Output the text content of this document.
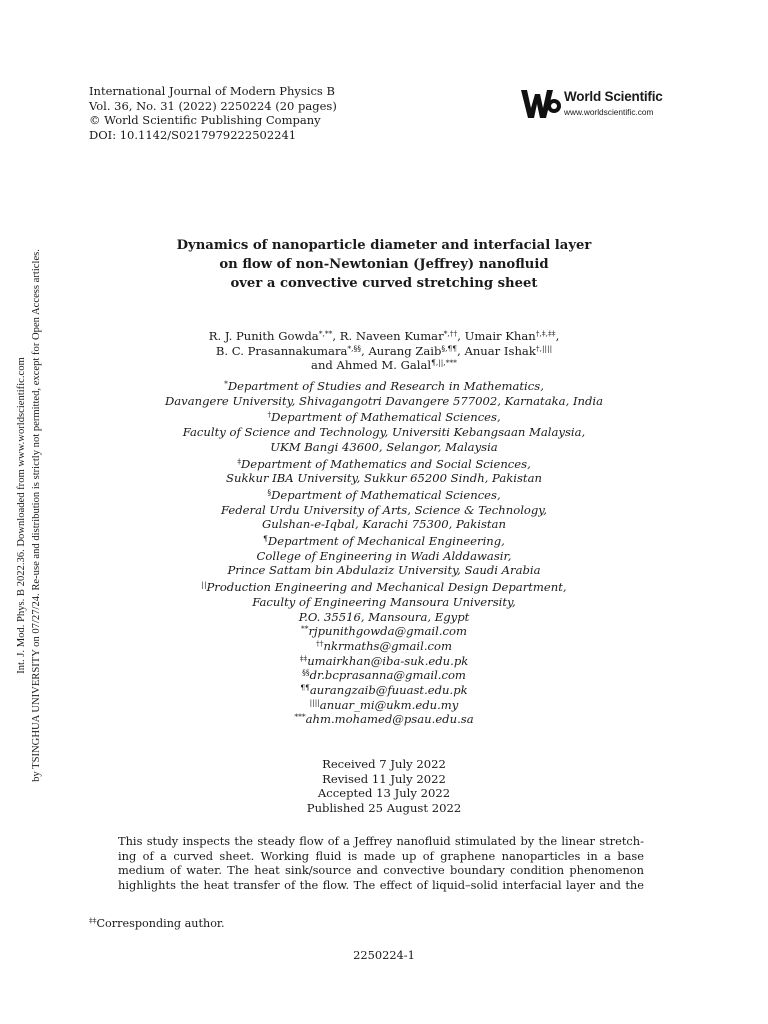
International Journal of Modern Physics B
Vol. 36, No. 31 (2022) 2250224 (20 pages)
© World Scientific Publishing Company
DOI: 10.1142/S0217979222502241
World Scientific
www.worldscientific.com
Int. J. Mod. Phys. B 2022.36. Downloaded from www.worldscientific.com by TSINGHUA UNIVERSITY on 07/27/24. Re-use and distribution is strictly not permitted, except for Open Access articles.
Dynamics of nanoparticle diameter and interfacial layer
on flow of non-Newtonian (Jeffrey) nanofluid
over a convective curved stretching sheet
R. J. Punith Gowda*,**, R. Naveen Kumar*,††, Umair Khan†,‡,‡‡,
B. C. Prasannakumara*,§§, Aurang Zaib§,¶¶, Anuar Ishak†,||||
and Ahmed M. Galal¶,||,***
*Department of Studies and Research in Mathematics,
Davangere University, Shivagangotri Davangere 577002, Karnataka, India
†Department of Mathematical Sciences,
Faculty of Science and Technology, Universiti Kebangsaan Malaysia,
UKM Bangi 43600, Selangor, Malaysia
‡Department of Mathematics and Social Sciences,
Sukkur IBA University, Sukkur 65200 Sindh, Pakistan
§Department of Mathematical Sciences,
Federal Urdu University of Arts, Science & Technology,
Gulshan-e-Iqbal, Karachi 75300, Pakistan
¶Department of Mechanical Engineering,
College of Engineering in Wadi Alddawasir,
Prince Sattam bin Abdulaziz University, Saudi Arabia
||Production Engineering and Mechanical Design Department,
Faculty of Engineering Mansoura University,
P.O. 35516, Mansoura, Egypt
**rjpunithgowda@gmail.com
††nkrmaths@gmail.com
‡‡umairkhan@iba-suk.edu.pk
§§dr.bcprasanna@gmail.com
¶¶aurangzaib@fuuast.edu.pk
||||anuar_mi@ukm.edu.my
***ahm.mohamed@psau.edu.sa
Received 7 July 2022
Revised 11 July 2022
Accepted 13 July 2022
Published 25 August 2022
This study inspects the steady flow of a Jeffrey nanofluid stimulated by the linear stretch-
ing of a curved sheet. Working fluid is made up of graphene nanoparticles in a base
medium of water. The heat sink/source and convective boundary condition phenomenon
highlights the heat transfer of the flow. The effect of liquid–solid interfacial layer and the
‡‡Corresponding author.
2250224-1
